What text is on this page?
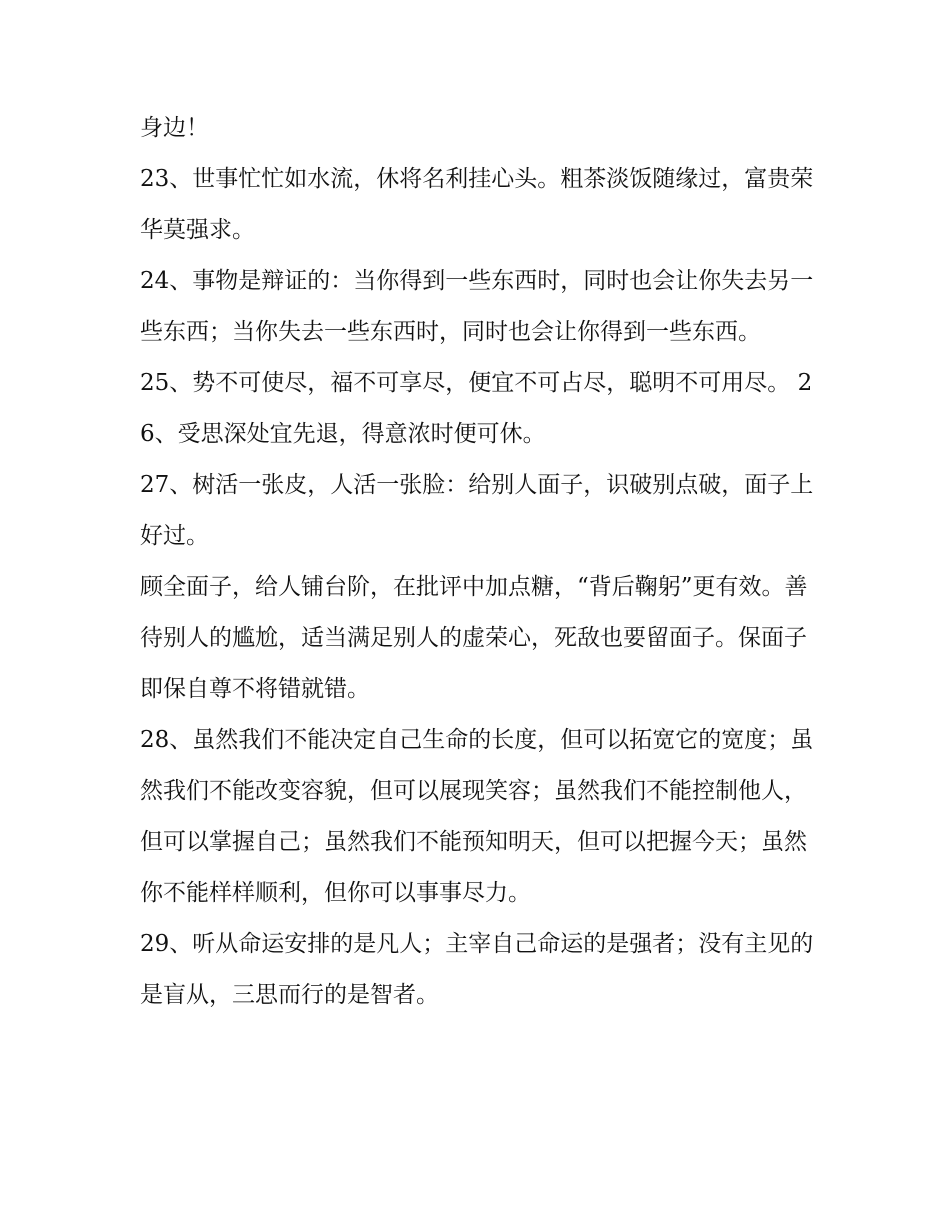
身边！

23、世事忙忙如水流，休将名利挂心头。粗茶淡饭随缘过，富贵荣华莫强求。

24、事物是辩证的：当你得到一些东西时，同时也会让你失去另一些东西；当你失去一些东西时，同时也会让你得到一些东西。

25、势不可使尽，福不可享尽，便宜不可占尽，聪明不可用尽。 26、受思深处宜先退，得意浓时便可休。

27、树活一张皮，人活一张脸：给别人面子，识破别点破，面子上好过。

顾全面子，给人铺台阶，在批评中加点糖，“背后鞠躬”更有效。善待别人的尴尬，适当满足别人的虚荣心，死敌也要留面子。保面子即保自尊不将错就错。

28、虽然我们不能决定自己生命的长度，但可以拓宽它的宽度；虽然我们不能改变容貌，但可以展现笑容；虽然我们不能控制他人，但可以掌握自己；虽然我们不能预知明天，但可以把握今天；虽然你不能样样顺利，但你可以事事尽力。

29、听从命运安排的是凡人；主宰自己命运的是强者；没有主见的是盲从，三思而行的是智者。
